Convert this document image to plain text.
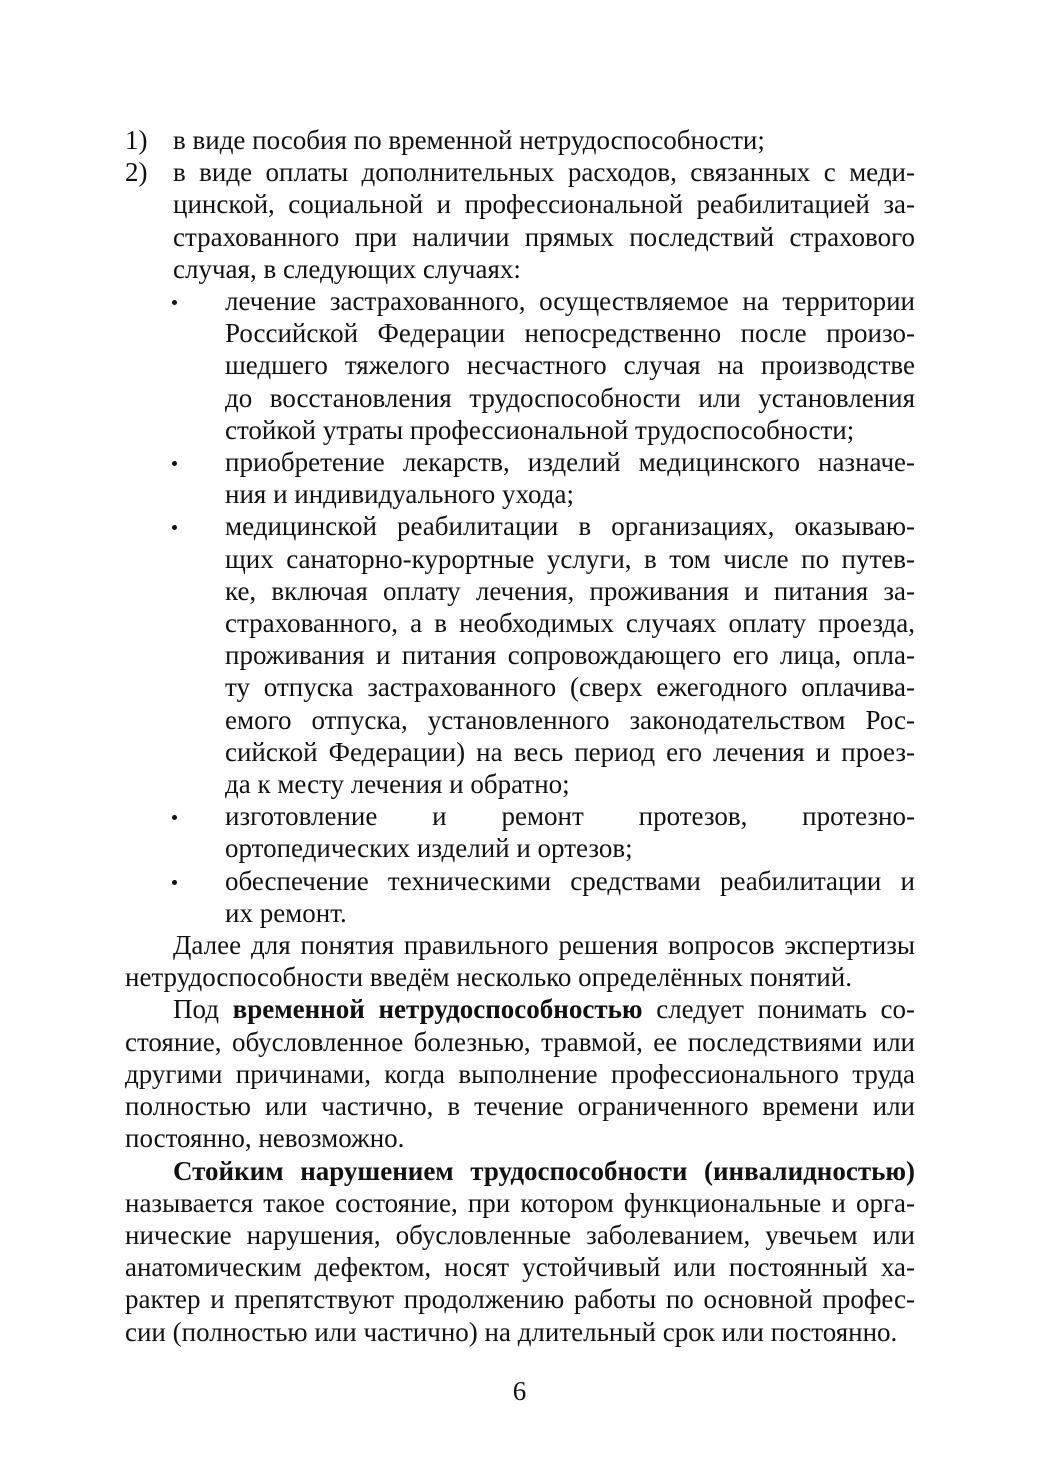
1) в виде пособия по временной нетрудоспособности;
2) в виде оплаты дополнительных расходов, связанных с меди-
цинской, социальной и профессиональной реабилитацией за-
страхованного при наличии прямых последствий страхового
случая, в следующих случаях:
лечение застрахованного, осуществляемое на территории
Российской Федерации непосредственно после произо-
шедшего тяжелого несчастного случая на производстве
до восстановления трудоспособности или установления
стойкой утраты профессиональной трудоспособности;
приобретение лекарств, изделий медицинского назначе-
ния и индивидуального ухода;
медицинской реабилитации в организациях, оказываю-
щих санаторно-курортные услуги, в том числе по путев-
ке, включая оплату лечения, проживания и питания за-
страхованного, а в необходимых случаях оплату проезда,
проживания и питания сопровождающего его лица, опла-
ту отпуска застрахованного (сверх ежегодного оплачива-
емого отпуска, установленного законодательством Рос-
сийской Федерации) на весь период его лечения и проез-
да к месту лечения и обратно;
изготовление и ремонт протезов, протезно-
ортопедических изделий и ортезов;
обеспечение техническими средствами реабилитации и
их ремонт.
Далее для понятия правильного решения вопросов экспертизы
нетрудоспособности введём несколько определённых понятий.
Под временной нетрудоспособностью следует понимать со-
стояние, обусловленное болезнью, травмой, ее последствиями или
другими причинами, когда выполнение профессионального труда
полностью или частично, в течение ограниченного времени или
постоянно, невозможно.
Стойким нарушением трудоспособности (инвалидностью)
называется такое состояние, при котором функциональные и орга-
нические нарушения, обусловленные заболеванием, увечьем или
анатомическим дефектом, носят устойчивый или постоянный ха-
рактер и препятствуют продолжению работы по основной профес-
сии (полностью или частично) на длительный срок или постоянно.
6
